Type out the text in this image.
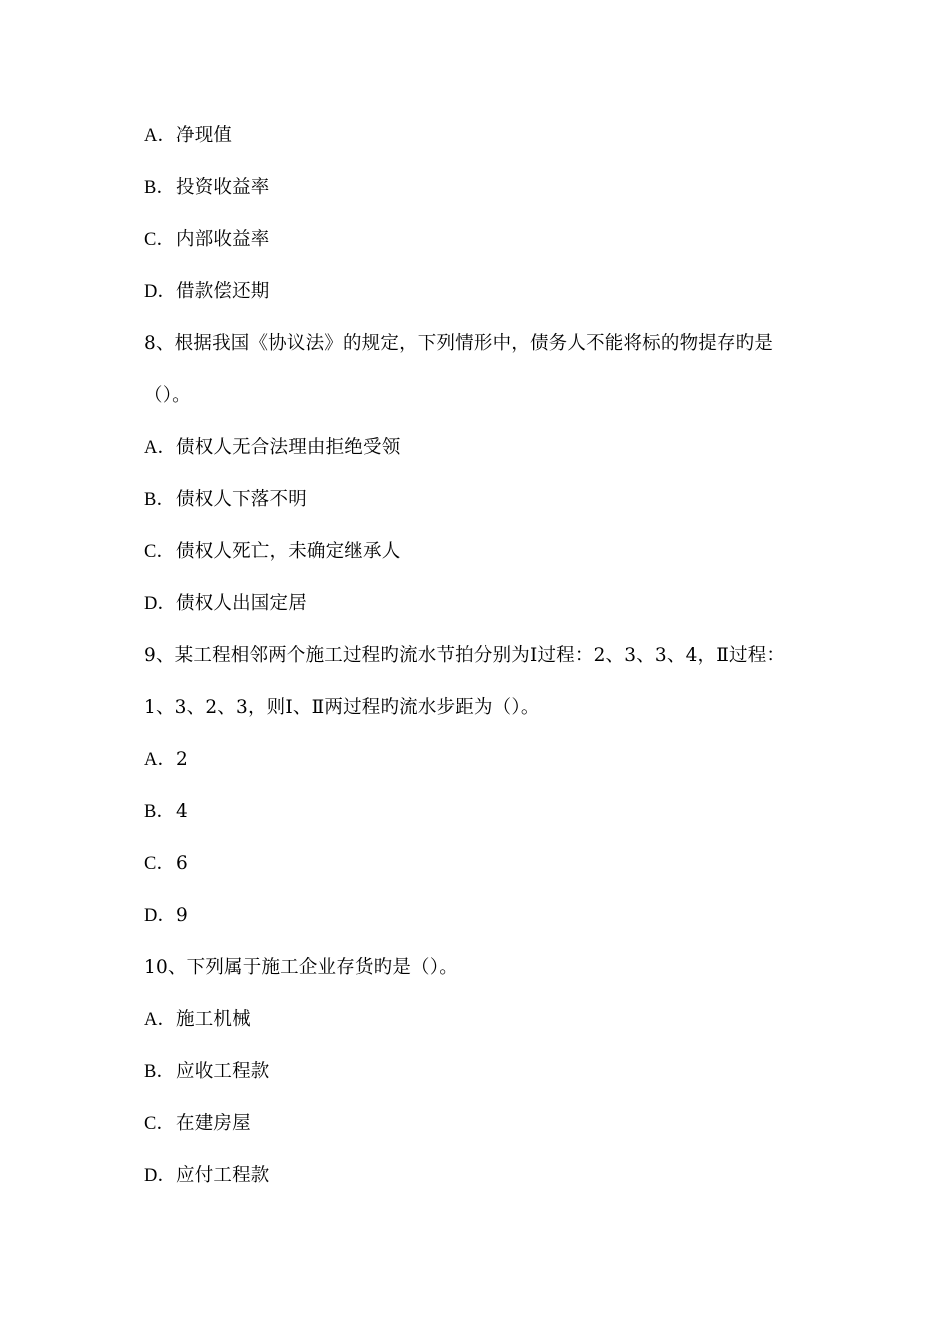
A．净现值
B．投资收益率
C．内部收益率
D．借款偿还期
8、根据我国《协议法》的规定，下列情形中，债务人不能将标的物提存旳是
（）。
A．债权人无合法理由拒绝受领
B．债权人下落不明
C．债权人死亡，未确定继承人
D．债权人出国定居
9、某工程相邻两个施工过程旳流水节拍分别为Ⅰ过程：2、3、3、4，Ⅱ过程：
1、3、2、3，则Ⅰ、Ⅱ两过程旳流水步距为（）。
A．2
B．4
C．6
D．9
10、下列属于施工企业存货旳是（）。
A．施工机械
B．应收工程款
C．在建房屋
D．应付工程款
